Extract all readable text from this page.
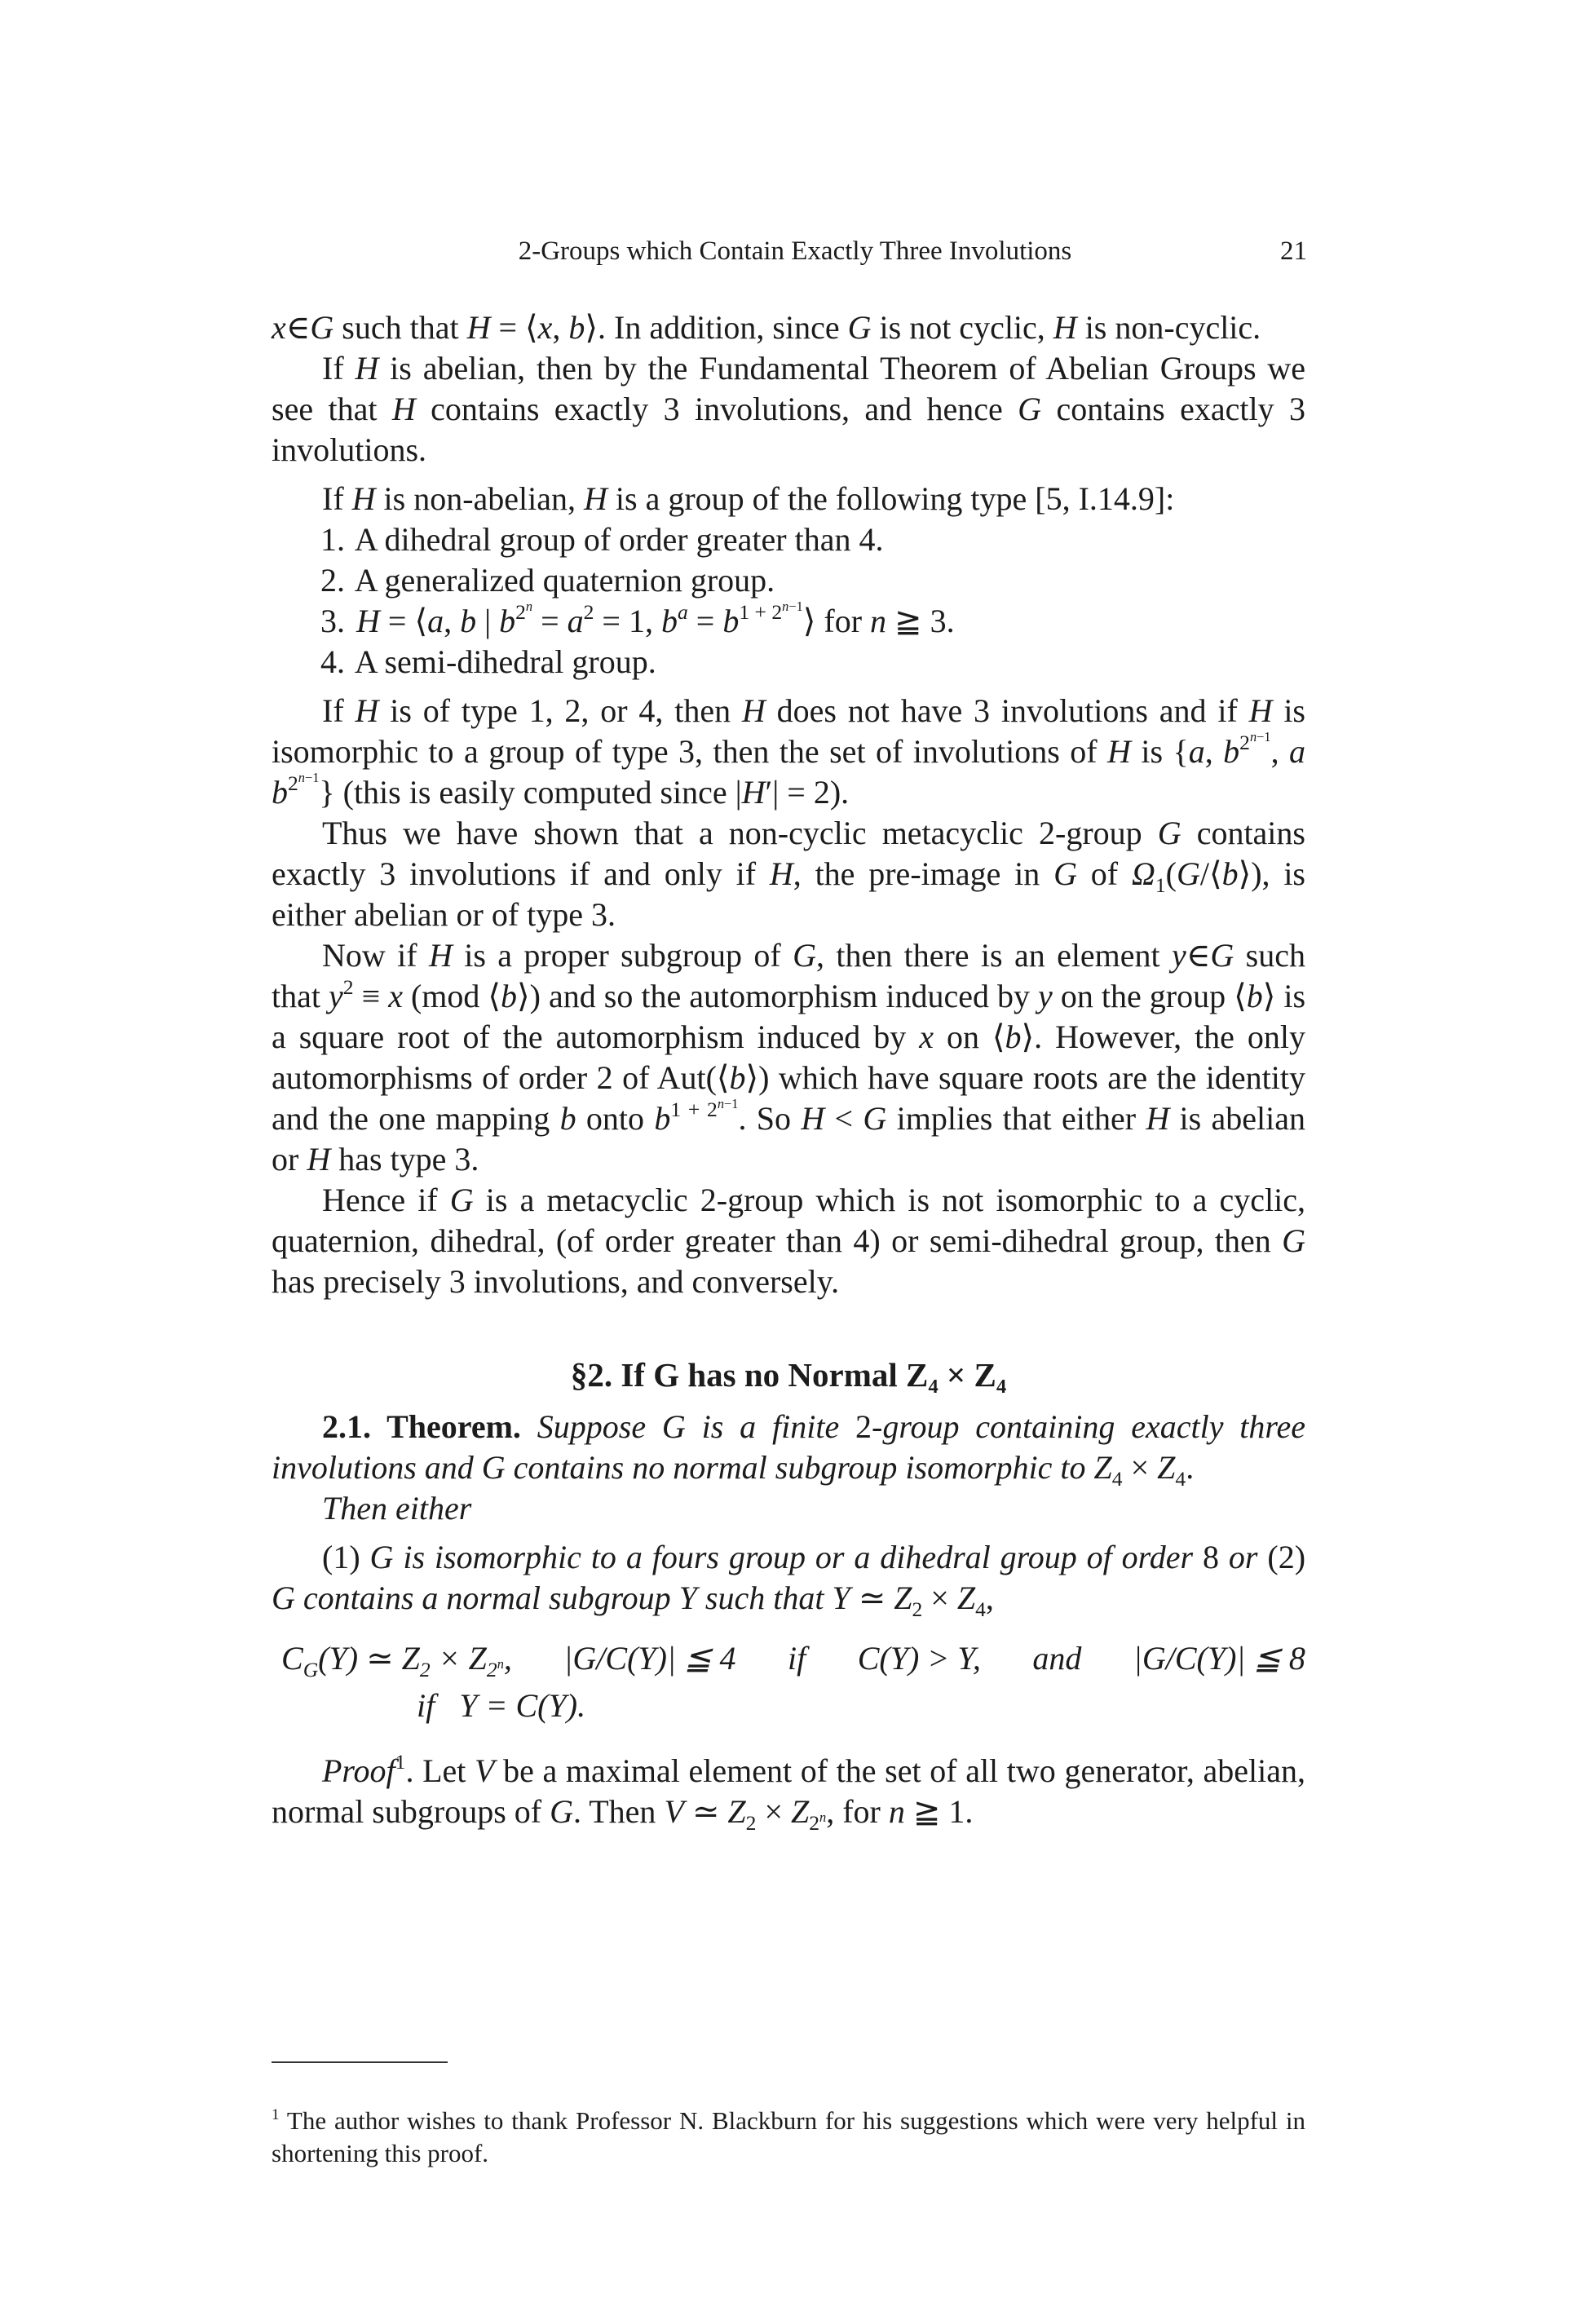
2-Groups which Contain Exactly Three Involutions	21

x∈G such that H = ⟨x, b⟩. In addition, since G is not cyclic, H is non-cyclic.

If H is abelian, then by the Fundamental Theorem of Abelian Groups we see that H contains exactly 3 involutions, and hence G contains exactly 3 involutions.

If H is non-abelian, H is a group of the following type [5, I.14.9]:

1. A dihedral group of order greater than 4.

2. A generalized quaternion group.

3. H = ⟨a, b | $b^{2^n} = a^2 = 1$, $b^a$ = $b^{1 + 2^{n-1}}⟩$ for n ≧ 3.

4. A semi-dihedral group.

If H is of type 1, 2, or 4, then H does not have 3 involutions and if H is isomorphic to a group of type 3, then the set of involutions of H is {a, $b^{2^{n-1}}$, a $b^{2^{n-1}}$} (this is easily computed since |H′| = 2).

Thus we have shown that a non-cyclic metacyclic 2-group G contains exactly 3 involutions if and only if H, the pre-image in G of $\Omega_1(G/⟨b⟩)$, is either abelian or of type 3.

Now if H is a proper subgroup of G, then there is an element y∈G such that $y^2 \equiv x$ (mod ⟨b⟩) and so the automorphism induced by y on the group ⟨b⟩ is a square root of the automorphism induced by x on ⟨b⟩. However, the only automorphisms of order 2 of Aut(⟨b⟩) which have square roots are the identity and the one mapping b onto $b^{1 + 2^{n-1}}$. So H < G implies that either H is abelian or H has type 3.

Hence if G is a metacyclic 2-group which is not isomorphic to a cyclic, quaternion, dihedral, (of order greater than 4) or semi-dihedral group, then G has precisely 3 involutions, and conversely.

§2. If G has no Normal Z₄ × Z₄

2.1. Theorem. Suppose G is a finite 2-group containing exactly three involutions and G contains no normal subgroup isomorphic to $Z_4 \times Z_4$.

Then either

(1) G is isomorphic to a fours group or a dihedral group of order 8 or (2) G contains a normal subgroup Y such that Y ≃ $Z_2 \times Z_4$,

$C_G(Y)$ ≃ $Z_2 \times Z_{2^n}$, |G/C(Y)| ≦ 4 if C(Y) > Y, and |G/C(Y)| ≦ 8
if Y = C(Y).

Proof$^1$. Let V be a maximal element of the set of all two generator, abelian, normal subgroups of G. Then V ≃ $Z_2 \times Z_{2^n}$, for n ≧ 1.

$^1$ The author wishes to thank Professor N. Blackburn for his suggestions which were very helpful in shortening this proof.
